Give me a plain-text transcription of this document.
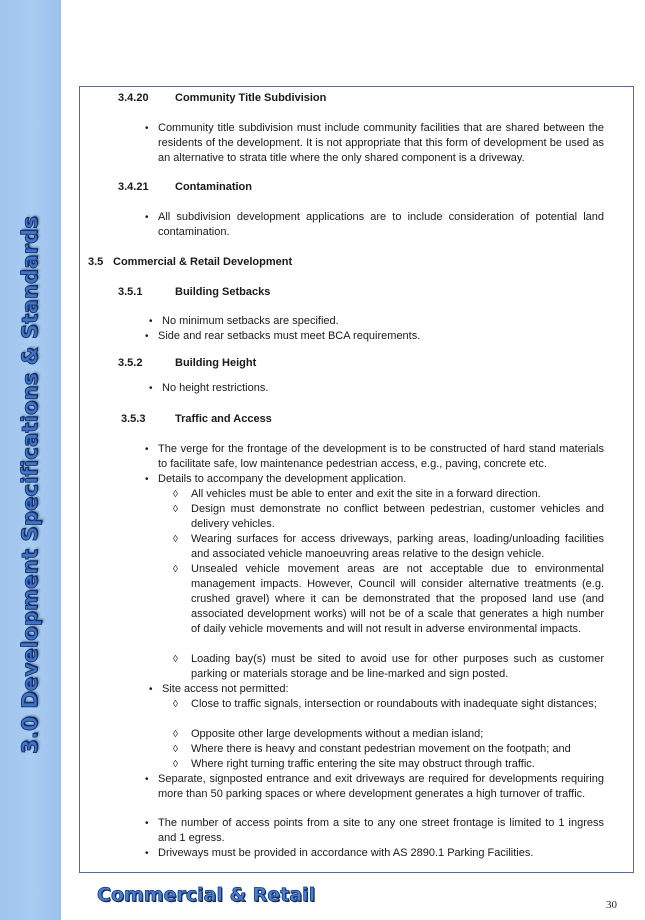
3.0 Development Specifications & Standards
3.4.20 Community Title Subdivision
• Community title subdivision must include community facilities that are shared between the residents of the development. It is not appropriate that this form of development be used as an alternative to strata title where the only shared component is a driveway.
3.4.21 Contamination
• All subdivision development applications are to include consideration of potential land contamination.
3.5 Commercial & Retail Development
3.5.1	Building Setbacks
• No minimum setbacks are specified.
• Side and rear setbacks must meet BCA requirements.
3.5.2	Building Height
• No height restrictions.
3.5.3	Traffic and Access
• The verge for the frontage of the development is to be constructed of hard stand materials to facilitate safe, low maintenance pedestrian access, e.g., paving, concrete etc.
• Details to accompany the development application.
◊ All vehicles must be able to enter and exit the site in a forward direction.
◊ Design must demonstrate no conflict between pedestrian, customer vehicles and delivery vehicles.
◊ Wearing surfaces for access driveways, parking areas, loading/unloading facilities and associated vehicle manoeuvring areas relative to the design vehicle.
◊ Unsealed vehicle movement areas are not acceptable due to environmental management impacts. However, Council will consider alternative treatments (e.g. crushed gravel) where it can be demonstrated that the proposed land use (and associated development works) will not be of a scale that generates a high number of daily vehicle movements and will not result in adverse environmental impacts.
◊ Loading bay(s) must be sited to avoid use for other purposes such as customer parking or materials storage and be line-marked and sign posted.
• Site access not permitted:
◊ Close to traffic signals, intersection or roundabouts with inadequate sight distances;
◊ Opposite other large developments without a median island;
◊ Where there is heavy and constant pedestrian movement on the footpath; and
◊ Where right turning traffic entering the site may obstruct through traffic.
• Separate, signposted entrance and exit driveways are required for developments requiring more than 50 parking spaces or where development generates a high turnover of traffic.
• The number of access points from a site to any one street frontage is limited to 1 ingress and 1 egress.
• Driveways must be provided in accordance with AS 2890.1 Parking Facilities.
Commercial & Retail	30
